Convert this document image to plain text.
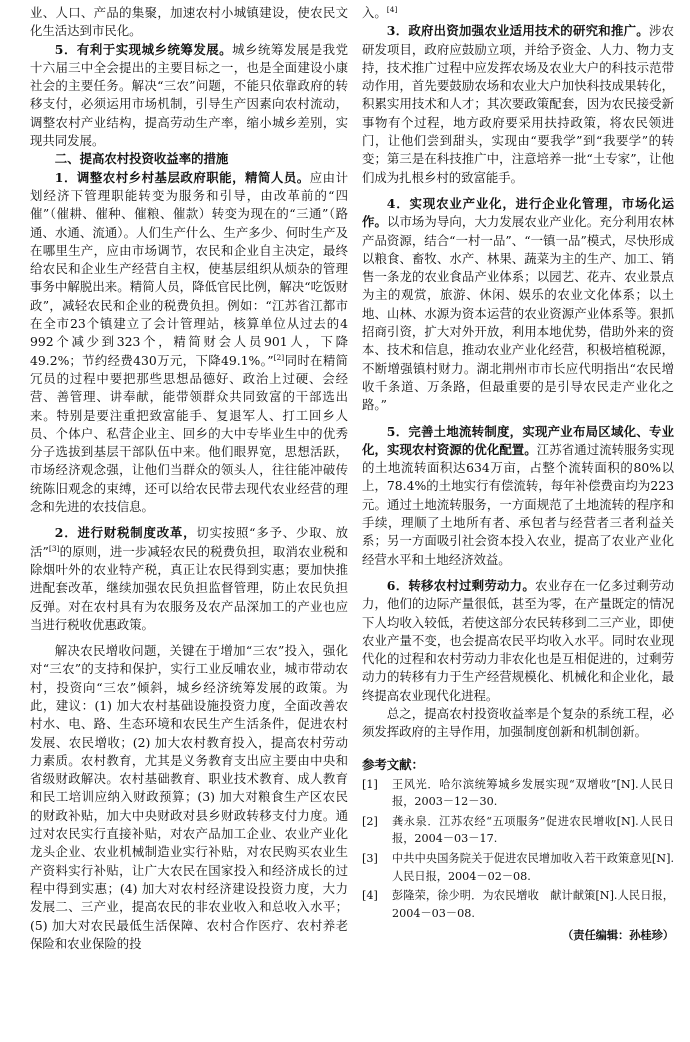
业、人口、产品的集聚，加速农村小城镇建设，使农民文化生活达到市民化。

5．有利于实现城乡统筹发展。城乡统筹发展是我党十六届三中全会提出的主要目标之一，也是全面建设小康社会的主要任务。解决“三农”问题，不能只依靠政府的转移支付，必须运用市场机制，引导生产因素向农村流动，调整农村产业结构，提高劳动生产率，缩小城乡差别，实现共同发展。

二、提高农村投资收益率的措施

1．调整农村乡村基层政府职能，精简人员。应由计划经济下管理职能转变为服务和引导，由改革前的“四催”（催耕、催种、催粮、催款）转变为现在的“三通”（路通、水通、流通）。人们生产什么、生产多少、何时生产及在哪里生产，应由市场调节，农民和企业自主决定，最终给农民和企业生产经营自主权，使基层组织从烦杂的管理事务中解脱出来。精简人员，降低官民比例，解决“吃饭财政”，减轻农民和企业的税费负担。例如：“江苏省江都市在全市23个镇建立了会计管理站，核算单位从过去的4 992个减少到323个，精简财会人员901人，下降49.2%；节约经费430万元，下降49.1%。”[2]同时在精简冗员的过程中要把那些思想品德好、政治上过硬、会经营、善管理、讲奉献，能带领群众共同致富的干部选出来。特别是要注重把致富能手、复退军人、打工回乡人员、个体户、私营企业主、回乡的大中专毕业生中的优秀分子选拔到基层干部队伍中来。他们眼界宽，思想活跃，市场经济观念强，让他们当群众的领头人，往往能冲破传统陈旧观念的束缚，还可以给农民带去现代农业经营的理念和先进的农技信息。

2．进行财税制度改革，切实按照“多予、少取、放活”[3]的原则，进一步减轻农民的税费负担，取消农业税和除烟叶外的农业特产税，真正让农民得到实惠；要加快推进配套改革，继续加强农民负担监督管理，防止农民负担反弹。对在农村具有为农服务及农产品深加工的产业也应当进行税收优惠政策。

解决农民增收问题，关键在于增加“三农”投入，强化对“三农”的支持和保护，实行工业反哺农业，城市带动农村，投资向“三农”倾斜，城乡经济统筹发展的政策。为此，建议：(1) 加大农村基础设施投资力度，全面改善农村水、电、路、生态环境和农民生产生活条件，促进农村发展、农民增收；(2) 加大农村教育投入，提高农村劳动力素质。农村教育，尤其是义务教育支出应主要由中央和省级财政解决。农村基础教育、职业技术教育、成人教育和民工培训应纳入财政预算；(3) 加大对粮食生产区农民的财政补贴，加大中央财政对县乡财政转移支付力度。通过对农民实行直接补贴，对农产品加工企业、农业产业化龙头企业、农业机械制造业实行补贴，对农民购买农业生产资料实行补贴，让广大农民在国家投入和经济成长的过程中得到实惠；(4) 加大对农村经济建设投资力度，大力发展二、三产业，提高农民的非农业收入和总收入水平；(5) 加大对农民最低生活保障、农村合作医疗、农村养老保险和农业保险的投

入。[4]

3．政府出资加强农业适用技术的研究和推广。涉农研发项目，政府应鼓励立项，并给予资金、人力、物力支持，技术推广过程中应发挥农场及农业大户的科技示范带动作用，首先要鼓励农场和农业大户加快科技成果转化，积累实用技术和人才；其次要政策配套，因为农民接受新事物有个过程，地方政府要采用扶持政策，将农民领进门，让他们尝到甜头，实现由“要我学”到“我要学”的转变；第三是在科技推广中，注意培养一批“土专家”，让他们成为扎根乡村的致富能手。

4．实现农业产业化，进行企业化管理，市场化运作。以市场为导向，大力发展农业产业化。充分利用农林产品资源，结合“一村一品”、“一镇一品”模式，尽快形成以粮食、畜牧、水产、林果、蔬菜为主的生产、加工、销售一条龙的农业食品产业体系；以园艺、花卉、农业景点为主的观赏，旅游、休闲、娱乐的农业文化体系；以土地、山林、水源为资本运营的农业资源产业体系等。狠抓招商引资，扩大对外开放，利用本地优势，借助外来的资本、技术和信息，推动农业产业化经营，积极培植税源，不断增强镇村财力。湖北荆州市市长应代明指出“农民增收千条道、万条路，但最重要的是引导农民走产业化之路。”

5．完善土地流转制度，实现产业布局区域化、专业化，实现农村资源的优化配置。江苏省通过流转服务实现的土地流转面积达634万亩，占整个流转面积的80%以上，78.4%的土地实行有偿流转，每年补偿费亩均为223元。通过土地流转服务，一方面规范了土地流转的程序和手续，理顺了土地所有者、承包者与经营者三者利益关系；另一方面吸引社会资本投入农业，提高了农业产业化经营水平和土地经济效益。

6．转移农村过剩劳动力。农业存在一亿多过剩劳动力，他们的边际产量很低，甚至为零，在产量既定的情况下人均收入较低，若使这部分农民转移到二三产业，即使农业产量不变，也会提高农民平均收入水平。同时农业现代化的过程和农村劳动力非农化也是互相促进的，过剩劳动力的转移有力于生产经营规模化、机械化和企业化，最终提高农业现代化进程。

总之，提高农村投资收益率是个复杂的系统工程，必须发挥政府的主导作用，加强制度创新和机制创新。

参考文献：
[1]	王风光．哈尔滨统筹城乡发展实现“双增收”[N].人民日报，2003－12－30.
[2]	龚永泉．江苏农经“五项服务”促进农民增收[N].人民日报，2004－03－17.
[3]	中共中央国务院关于促进农民增加收入若干政策意见[N].人民日报，2004－02－08.
[4]	彭隆荣，徐少明．为农民增收　献计献策[N].人民日报，2004－03－08.
（责任编辑：孙桂珍）
